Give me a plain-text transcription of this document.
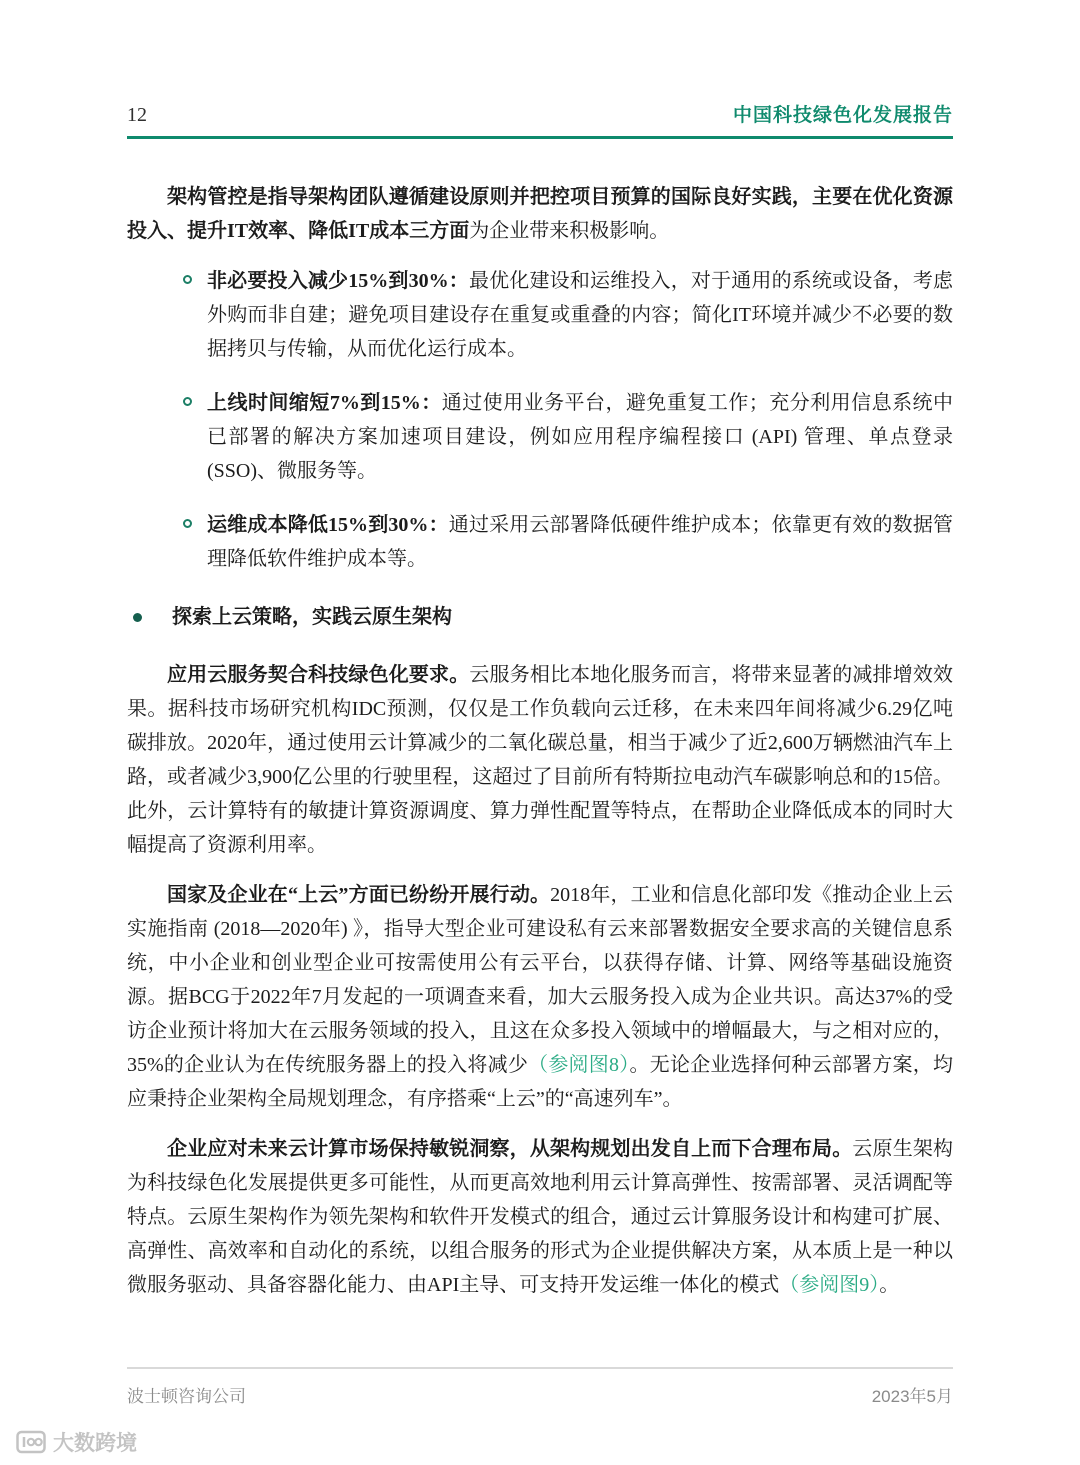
12	中国科技绿色化发展报告

架构管控是指导架构团队遵循建设原则并把控项目预算的国际良好实践，主要在优化资源投入、提升IT效率、降低IT成本三方面为企业带来积极影响。

非必要投入减少15%到30%：最优化建设和运维投入，对于通用的系统或设备，考虑外购而非自建；避免项目建设存在重复或重叠的内容；简化IT环境并减少不必要的数据拷贝与传输，从而优化运行成本。

上线时间缩短7%到15%：通过使用业务平台，避免重复工作；充分利用信息系统中已部署的解决方案加速项目建设，例如应用程序编程接口 (API) 管理、单点登录 (SSO)、微服务等。

运维成本降低15%到30%：通过采用云部署降低硬件维护成本；依靠更有效的数据管理降低软件维护成本等。

探索上云策略，实践云原生架构

应用云服务契合科技绿色化要求。云服务相比本地化服务而言，将带来显著的减排增效效果。据科技市场研究机构IDC预测，仅仅是工作负载向云迁移，在未来四年间将减少6.29亿吨碳排放。2020年，通过使用云计算减少的二氧化碳总量，相当于减少了近2,600万辆燃油汽车上路，或者减少3,900亿公里的行驶里程，这超过了目前所有特斯拉电动汽车碳影响总和的15倍。此外，云计算特有的敏捷计算资源调度、算力弹性配置等特点，在帮助企业降低成本的同时大幅提高了资源利用率。

国家及企业在“上云”方面已纷纷开展行动。2018年，工业和信息化部印发《推动企业上云实施指南 (2018—2020年) 》，指导大型企业可建设私有云来部署数据安全要求高的关键信息系统，中小企业和创业型企业可按需使用公有云平台，以获得存储、计算、网络等基础设施资源。据BCG于2022年7月发起的一项调查来看，加大云服务投入成为企业共识。高达37%的受访企业预计将加大在云服务领域的投入，且这在众多投入领域中的增幅最大，与之相对应的，35%的企业认为在传统服务器上的投入将减少（参阅图8）。无论企业选择何种云部署方案，均应秉持企业架构全局规划理念，有序搭乘“上云”的“高速列车”。

企业应对未来云计算市场保持敏锐洞察，从架构规划出发自上而下合理布局。云原生架构为科技绿色化发展提供更多可能性，从而更高效地利用云计算高弹性、按需部署、灵活调配等特点。云原生架构作为领先架构和软件开发模式的组合，通过云计算服务设计和构建可扩展、高弹性、高效率和自动化的系统，以组合服务的形式为企业提供解决方案，从本质上是一种以微服务驱动、具备容器化能力、由API主导、可支持开发运维一体化的模式（参阅图9）。

波士顿咨询公司	2023年5月
大数跨境
